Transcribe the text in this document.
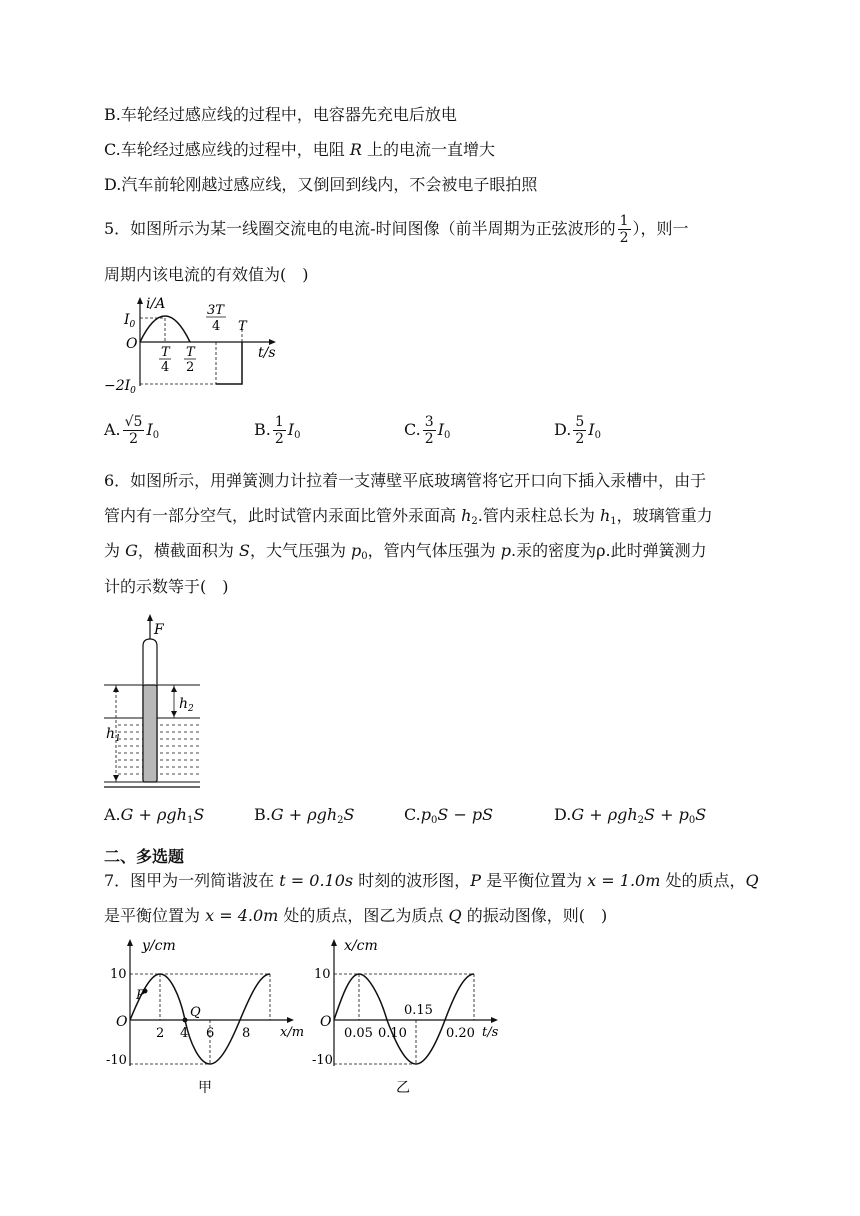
B.车轮经过感应线的过程中，电容器先充电后放电
C.车轮经过感应线的过程中，电阻 R 上的电流一直增大
D.汽车前轮刚越过感应线，又倒回到线内，不会被电子眼拍照
5．如图所示为某一线圈交流电的电流-时间图像（前半周期为正弦波形的 $\frac{1}{2}$ ），则一
周期内该电流的有效值为(　)
i/A
$I_0$
O
$-2I_0$
t/s
T
4
T
2
3T
4 T
A. $\frac{√5}{2} I_0$	B. $\frac{1}{2} I_0$	C. $\frac{3}{2} I_0$	D. $\frac{5}{2} I_0$
6．如图所示，用弹簧测力计拉着一支薄壁平底玻璃管将它开口向下插入汞槽中，由于
管内有一部分空气，此时试管内汞面比管外汞面高 $h_2$.管内汞柱总长为 $h_1$，玻璃管重力
为 G，横截面积为 S，大气压强为 $p_0$，管内气体压强为 p.汞的密度为ρ.此时弹簧测力
计的示数等于(　)
F
$h_1$
$h_2$
A.G + ρgh$_1$S	B.G + ρgh$_2$S	$C.p_0S$ − pS	$D.G + \rho gh_2S + p_0S$
二、多选题
7．图甲为一列简谐波在 t = 0.10s 时刻的波形图，P 是平衡位置为 x = 1.0m 处的质点，Q
是平衡位置为 x = 4.0m 处的质点，图乙为质点 Q 的振动图像，则(　)
y/cm
10
-10
O
x/m
P
Q
2 4 6 8
甲
x/cm
10
-10
O
t/s
0.05 0.10
0.15
0.20
乙
